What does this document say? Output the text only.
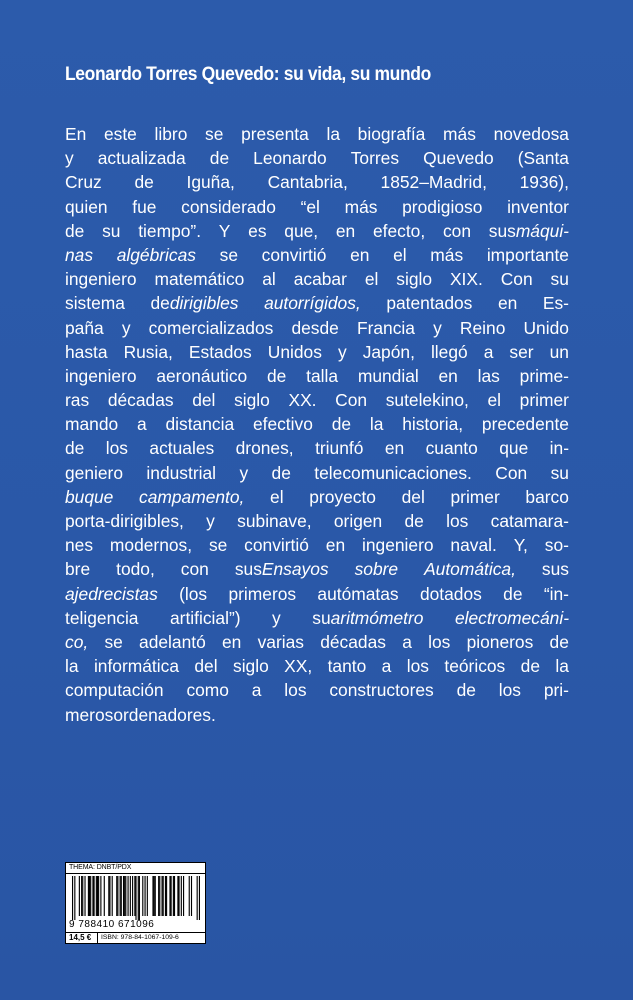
Leonardo Torres Quevedo: su vida, su mundo
En este libro se presenta la biografía más novedosa
y actualizada de Leonardo Torres Quevedo (Santa
Cruz de Iguña, Cantabria, 1852–Madrid, 1936),
quien fue considerado “el más prodigioso inventor
de su tiempo”. Y es que, en efecto, con susmáqui-
nas algébricas se convirtió en el más importante
ingeniero matemático al acabar el siglo XIX. Con su
sistema dedirigibles autorrígidos, patentados en Es-
paña y comercializados desde Francia y Reino Unido
hasta Rusia, Estados Unidos y Japón, llegó a ser un
ingeniero aeronáutico de talla mundial en las prime-
ras décadas del siglo XX. Con sutelekino, el primer
mando a distancia efectivo de la historia, precedente
de los actuales drones, triunfó en cuanto que in-
geniero industrial y de telecomunicaciones. Con su
buque campamento, el proyecto del primer barco
porta-dirigibles, y subinave, origen de los catamara-
nes modernos, se convirtió en ingeniero naval. Y, so-
bre todo, con susEnsayos sobre Automática, sus
ajedrecistas (los primeros autómatas dotados de “in-
teligencia artificial”) y suaritmómetro electromecáni-
co, se adelantó en varias décadas a los pioneros de
la informática del siglo XX, tanto a los teóricos de la
computación como a los constructores de los pri-
meros ordenadores.
THEMA: DNBT/PDX
9 788410 671096
14,5 € ISBN: 978-84-1067-109-6
